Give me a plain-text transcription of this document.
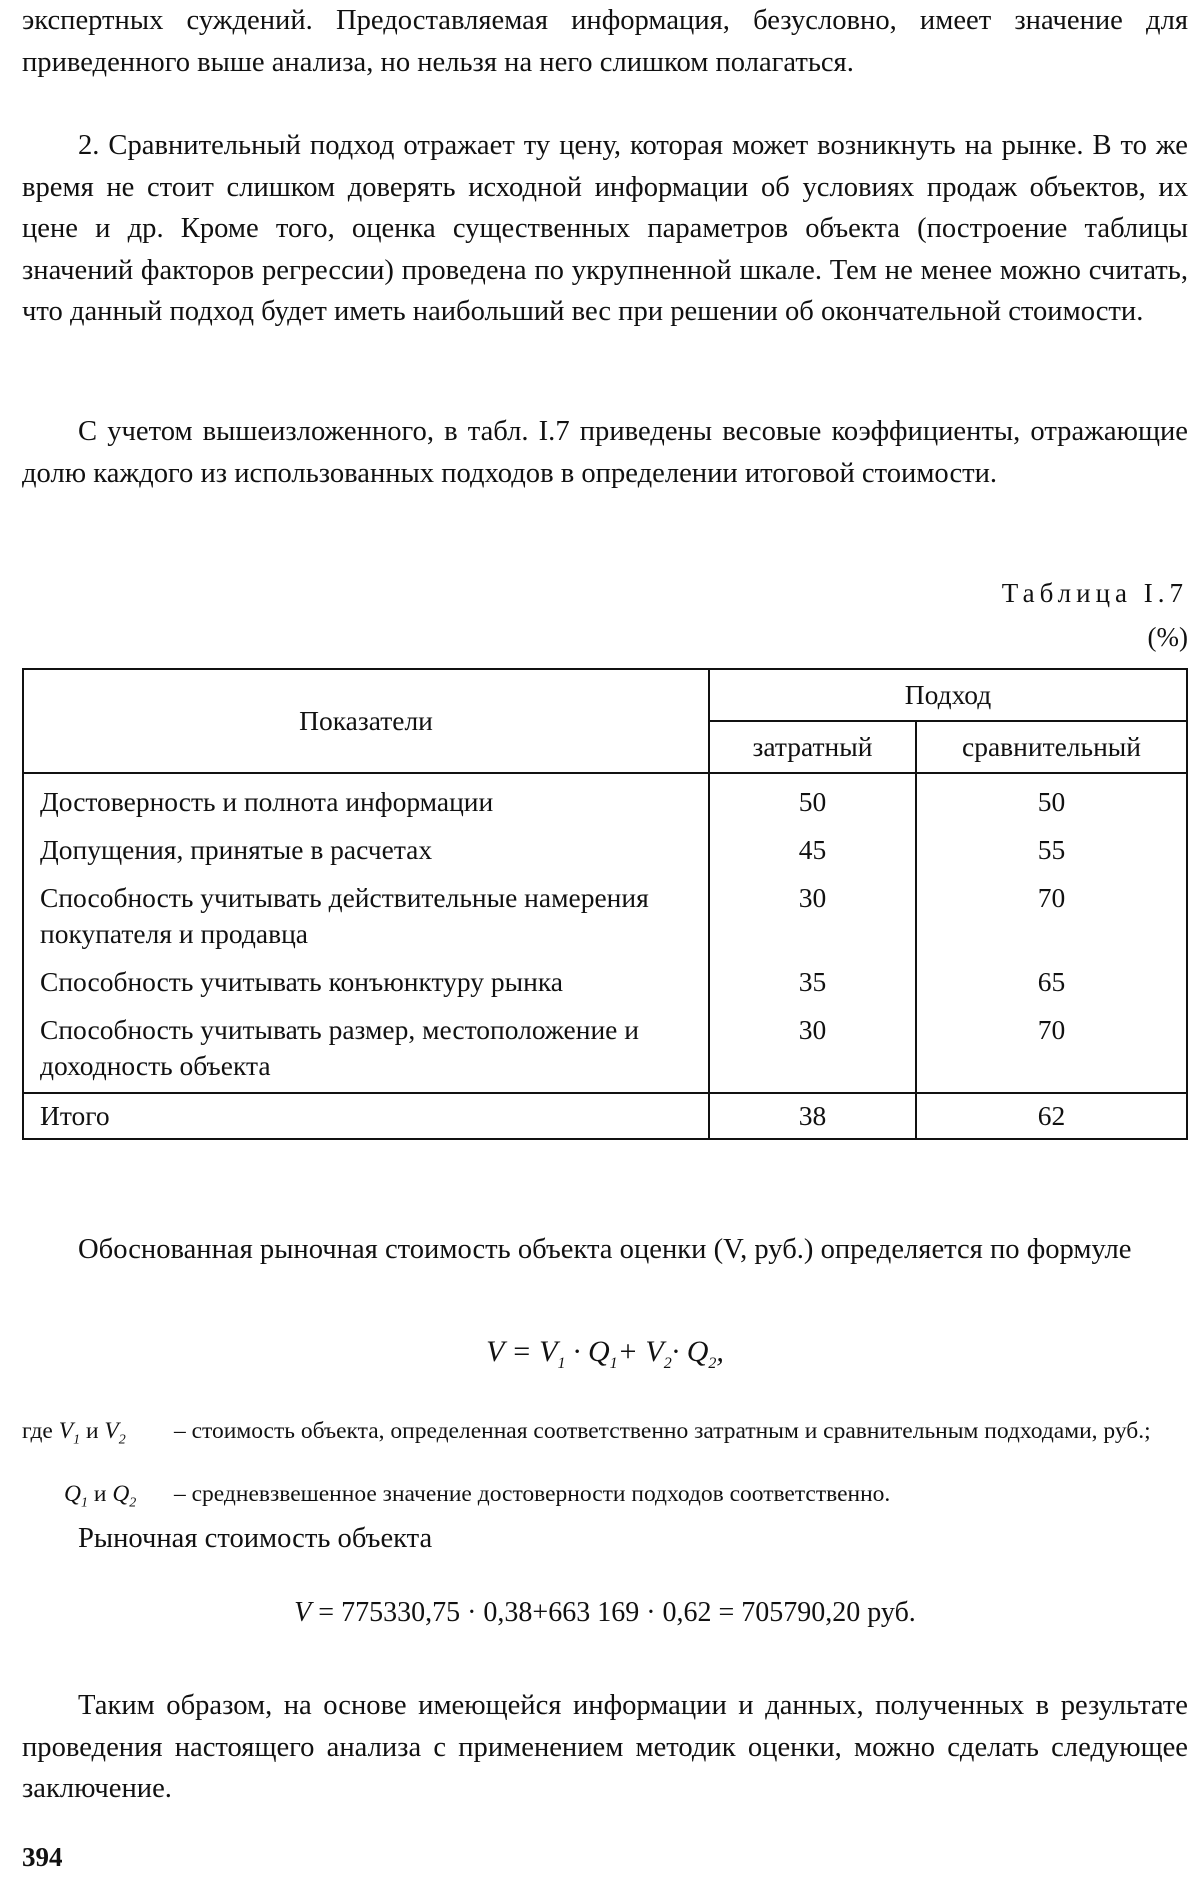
экспертных суждений. Предоставляемая информация, безусловно, имеет значение для приведенного выше анализа, но нельзя на него слишком полагаться.

2. Сравнительный подход отражает ту цену, которая может возникнуть на рынке. В то же время не стоит слишком доверять исходной информации об условиях продаж объектов, их цене и др. Кроме того, оценка существенных параметров объекта (построение таблицы значений факторов регрессии) проведена по укрупненной шкале. Тем не менее можно считать, что данный подход будет иметь наибольший вес при решении об окончательной стоимости.

С учетом вышеизложенного, в табл. I.7 приведены весовые коэффициенты, отражающие долю каждого из использованных подходов в определении итоговой стоимости.

Таблица I.7
(%)
Показатели	Подход	
	затратный	сравнительный
Достоверность и полнота информации	50	50
Допущения, принятые в расчетах	45	55
Способность учитывать действительные намерения покупателя и продавца	30	70
Способность учитывать конъюнктуру рынка	35	65
Способность учитывать размер, местоположение и доходность объекта	30	70
Итого	38	62

Обоснованная рыночная стоимость объекта оценки (V, руб.) определяется по формуле

$V = V_1 \cdot Q_1+ V_2\cdot Q_2$,
где $V_1$ и $V_2$ – стоимость объекта, определенная соответственно затратным и сравнительным подходами, руб.;
$Q_1$ и $Q_2$ – средневзвешенное значение достоверности подходов соответственно.

Рыночная стоимость объекта

V = 775330,75 · 0,38+663 169 · 0,62 = 705790,20 руб.

Таким образом, на основе имеющейся информации и данных, полученных в результате проведения настоящего анализа с применением методик оценки, можно сделать следующее заключение.

394
